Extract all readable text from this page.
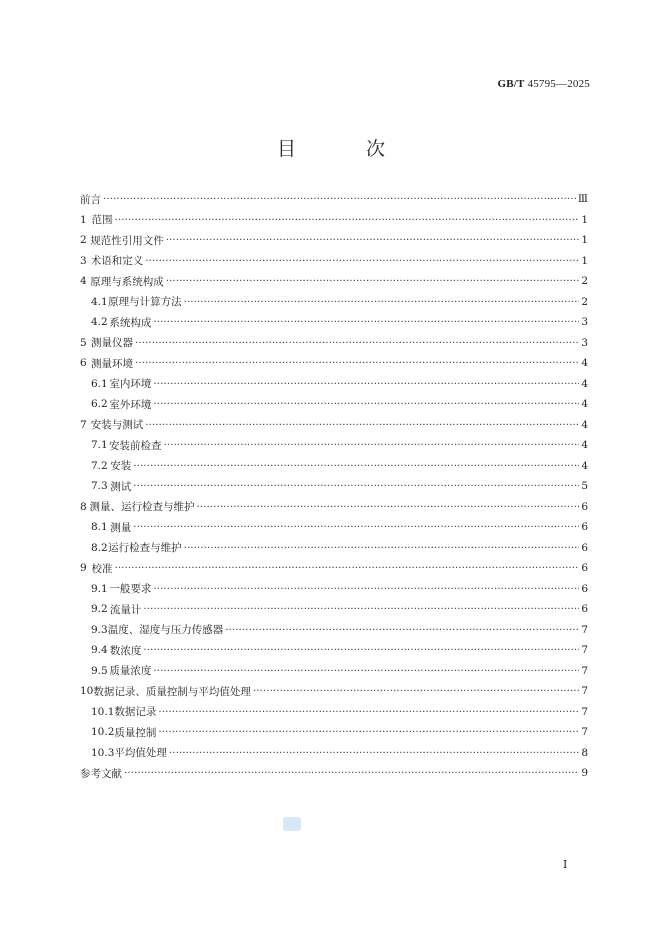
GB/T 45795—2025
目 次
前言 ·····	Ⅲ
1 范围 ·····	1
2 规范性引用文件 ·····	1
3 术语和定义 ·····	1
4 原理与系统构成 ·····	2
4.1 原理与计算方法 ·····	2
4.2 系统构成 ·····	3
5 测量仪器 ·····	3
6 测量环境 ·····	4
6.1 室内环境 ·····	4
6.2 室外环境 ·····	4
7 安装与测试 ·····	4
7.1 安装前检查 ·····	4
7.2 安装 ·····	4
7.3 测试 ·····	5
8 测量、运行检查与维护 ·····	6
8.1 测量 ·····	6
8.2 运行检查与维护 ·····	6
9 校准 ·····	6
9.1 一般要求 ·····	6
9.2 流量计 ·····	6
9.3 温度、湿度与压力传感器 ·····	7
9.4 数浓度 ·····	7
9.5 质量浓度 ·····	7
10 数据记录、质量控制与平均值处理 ·····	7
10.1 数据记录 ·····	7
10.2 质量控制 ·····	7
10.3 平均值处理 ·····	8
参考文献 ·····	9
Ⅰ
